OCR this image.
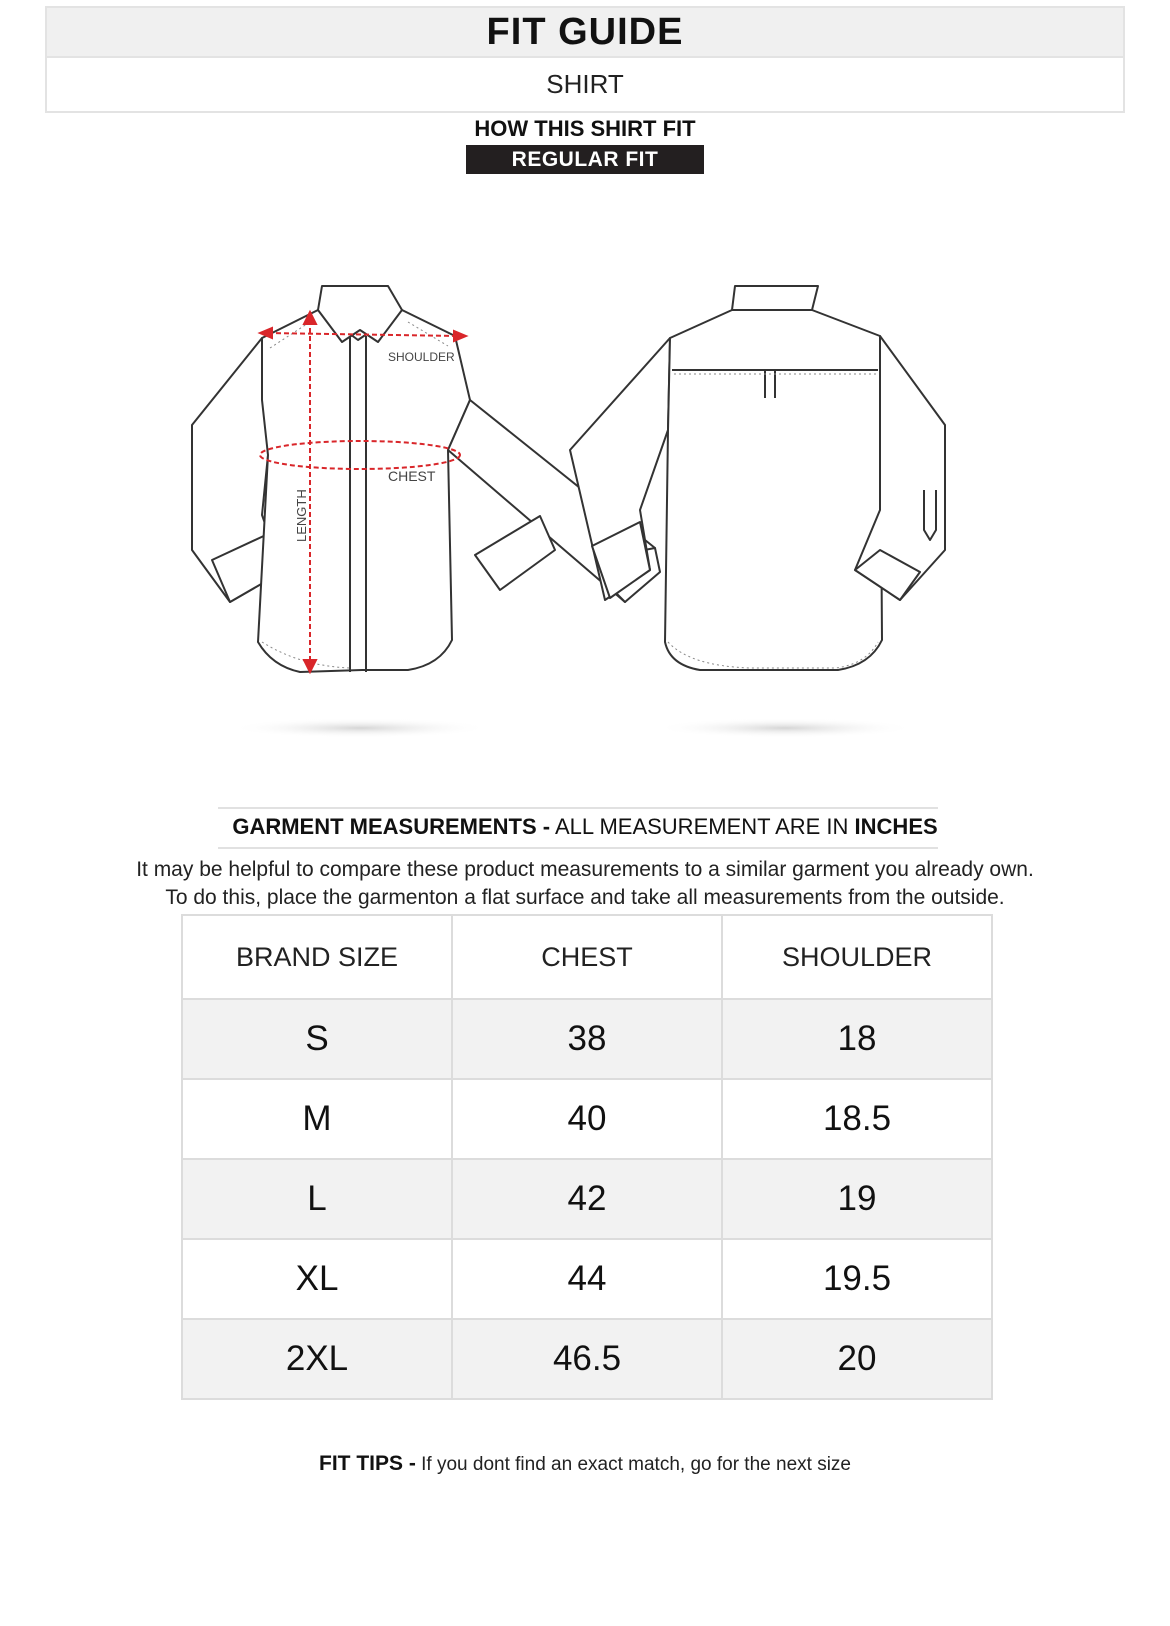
FIT GUIDE
SHIRT
HOW THIS SHIRT FIT
REGULAR FIT
SHOULDER
CHEST
LENGTH
GARMENT MEASUREMENTS - ALL MEASUREMENT ARE IN INCHES
It may be helpful to compare these product measurements to a similar garment you already own.
To do this, place the garmenton a flat surface and take all measurements from the outside.
BRAND SIZE	CHEST	SHOULDER
S	38	18
M	40	18.5
L	42	19
XL	44	19.5
2XL	46.5	20
FIT TIPS - If you dont find an exact match, go for the next size
